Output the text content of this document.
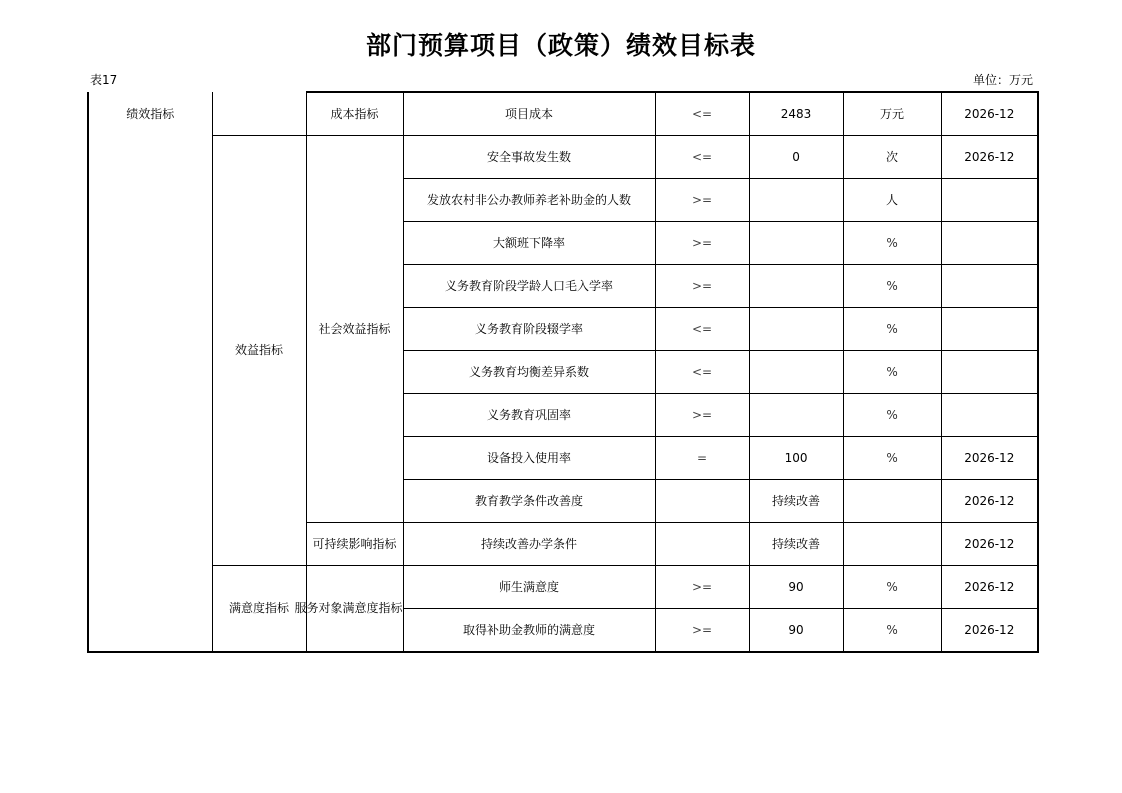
部门预算项目（政策）绩效目标表
表17	单位：万元
绩效指标		成本指标	项目成本	<=	2483	万元	2026-12
	效益指标	社会效益指标	安全事故发生数	<=	0	次	2026-12
			发放农村非公办教师养老补助金的人数	>=		人	
			大额班下降率	>=		%	
			义务教育阶段学龄人口毛入学率	>=		%	
			义务教育阶段辍学率	<=		%	
			义务教育均衡差异系数	<=		%	
			义务教育巩固率	>=		%	
			设备投入使用率	=	100	%	2026-12
			教育教学条件改善度		持续改善		2026-12
		可持续影响指标	持续改善办学条件		持续改善		2026-12
	满意度指标	服务对象满意度指标	师生满意度	>=	90	%	2026-12
			取得补助金教师的满意度	>=	90	%	2026-12
